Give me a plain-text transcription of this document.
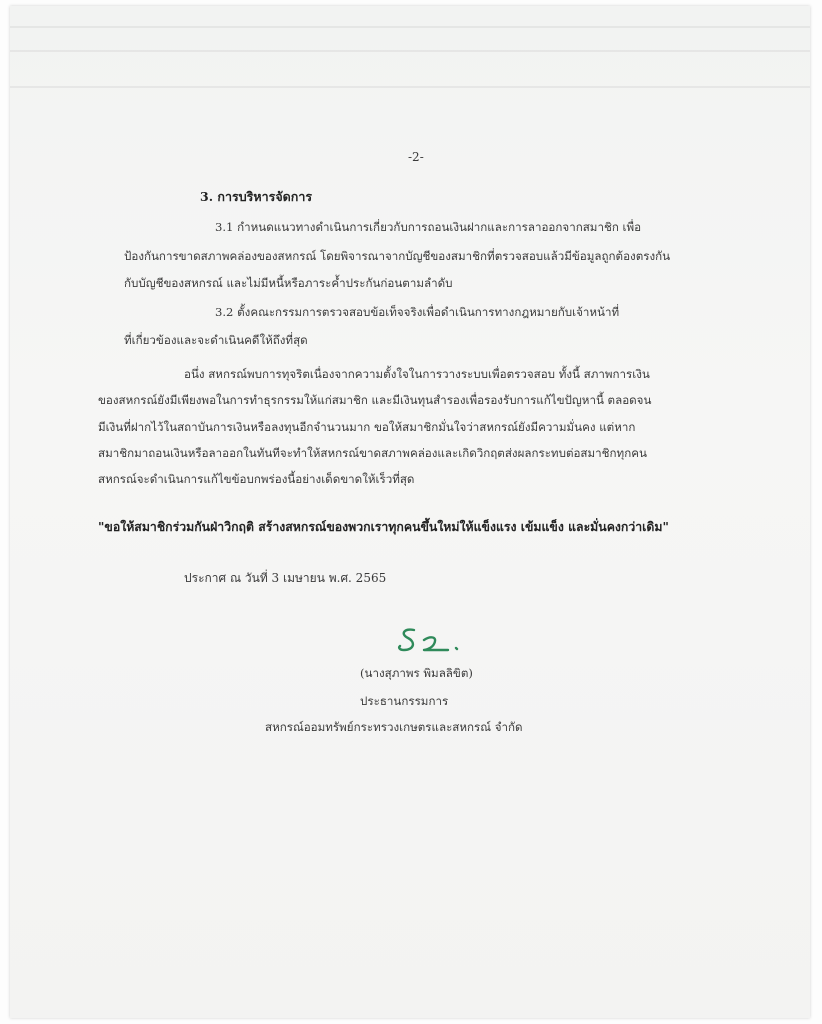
-2-
3. การบริหารจัดการ
3.1 กำหนดแนวทางดำเนินการเกี่ยวกับการถอนเงินฝากและการลาออกจากสมาชิก เพื่อ
ป้องกันการขาดสภาพคล่องของสหกรณ์ โดยพิจารณาจากบัญชีของสมาชิกที่ตรวจสอบแล้วมีข้อมูลถูกต้องตรงกัน
กับบัญชีของสหกรณ์ และไม่มีหนี้หรือภาระค้ำประกันก่อนตามลำดับ
3.2 ตั้งคณะกรรมการตรวจสอบข้อเท็จจริงเพื่อดำเนินการทางกฎหมายกับเจ้าหน้าที่
ที่เกี่ยวข้องและจะดำเนินคดีให้ถึงที่สุด
อนึ่ง สหกรณ์พบการทุจริตเนื่องจากความตั้งใจในการวางระบบเพื่อตรวจสอบ ทั้งนี้ สภาพการเงิน
ของสหกรณ์ยังมีเพียงพอในการทำธุรกรรมให้แก่สมาชิก และมีเงินทุนสำรองเพื่อรองรับการแก้ไขปัญหานี้ ตลอดจน
มีเงินที่ฝากไว้ในสถาบันการเงินหรือลงทุนอีกจำนวนมาก ขอให้สมาชิกมั่นใจว่าสหกรณ์ยังมีความมั่นคง แต่หาก
สมาชิกมาถอนเงินหรือลาออกในทันทีจะทำให้สหกรณ์ขาดสภาพคล่องและเกิดวิกฤตส่งผลกระทบต่อสมาชิกทุกคน
สหกรณ์จะดำเนินการแก้ไขข้อบกพร่องนี้อย่างเด็ดขาดให้เร็วที่สุด
"ขอให้สมาชิกร่วมกันฝ่าวิกฤติ สร้างสหกรณ์ของพวกเราทุกคนขึ้นใหม่ให้แข็งแรง เข้มแข็ง และมั่นคงกว่าเดิม"
ประกาศ ณ วันที่ 3 เมษายน พ.ศ. 2565
(นางสุภาพร พิมลลิขิต)
ประธานกรรมการ
สหกรณ์ออมทรัพย์กระทรวงเกษตรและสหกรณ์ จำกัด
